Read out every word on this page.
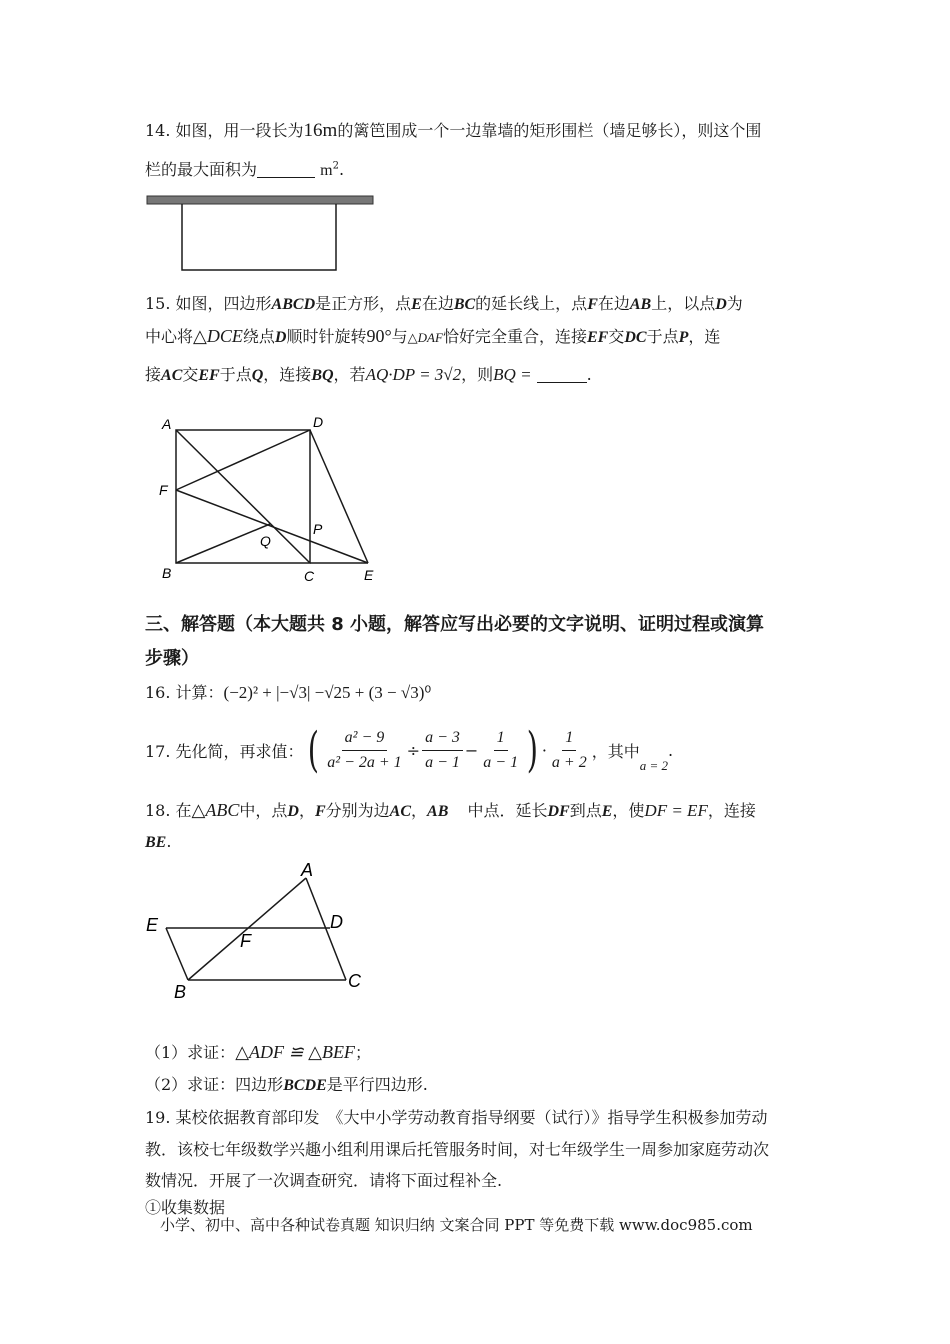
14. 如图，用一段长为16m的篱笆围成一个一边靠墙的矩形围栏（墙足够长），则这个围
栏的最大面积为	$m^2$.
15. 如图，四边形ABCD是正方形，点E在边BC的延长线上，点F在边AB上，以点D为
中心将△DCE绕点D顺时针旋转90°与△DAF恰好完全重合，连接EF交DC于点P，连
接AC交EF于点Q，连接BQ，若AQ·DP = 3√2，则BQ =	.
A	D
F
P
Q
B	C	E
三、解答题（本大题共 8 小题，解答应写出必要的文字说明、证明过程或演算
步骤）
16. 计算：(−2)² + |−√3| −√25 + (3 − √3)⁰
17. 先化简，再求值： ( $\frac{\text{a² − 9}}{\text{a² − 2a + 1}} \div \frac{a - 3}{a - 1} - \frac{1}{a - 1}$ ) · $\frac{1}{a + 2}$ ，其中
a = 2
.
18. 在△ABC中，点D，F分别为边AC，AB 中点．延长DF到点E，使DF = EF，连接
BE.
A
E	D
F
B
C
（1）求证：△ADF ≌ △BEF；
（2）求证：四边形BCDE是平行四边形.
19. 某校依据教育部印发　《大中小学劳动教育指导纲要（试行）》指导学生积极参加劳动
教．该校七年级数学兴趣小组利用课后托管服务时间，对七年级学生一周参加家庭劳动次
数情况．开展了一次调查研究．请将下面过程补全.
①收集数据
小学、初中、高中各种试卷真题 知识归纳 文案合同 PPT 等免费下载 www.doc985.com
